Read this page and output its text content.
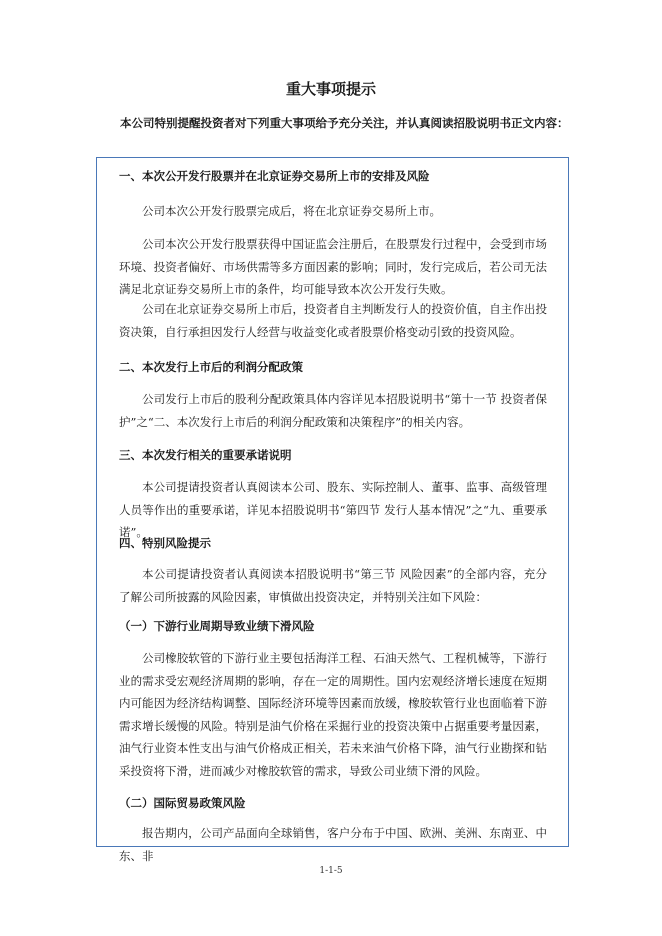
重大事项提示
本公司特别提醒投资者对下列重大事项给予充分关注，并认真阅读招股说明书正文内容：
一、本次公开发行股票并在北京证券交易所上市的安排及风险
公司本次公开发行股票完成后，将在北京证券交易所上市。
公司本次公开发行股票获得中国证监会注册后，在股票发行过程中，会受到市场环境、投资者偏好、市场供需等多方面因素的影响；同时，发行完成后，若公司无法满足北京证券交易所上市的条件，均可能导致本次公开发行失败。
公司在北京证券交易所上市后，投资者自主判断发行人的投资价值，自主作出投资决策，自行承担因发行人经营与收益变化或者股票价格变动引致的投资风险。
二、本次发行上市后的利润分配政策
公司发行上市后的股利分配政策具体内容详见本招股说明书“第十一节 投资者保护”之“二、本次发行上市后的利润分配政策和决策程序”的相关内容。
三、本次发行相关的重要承诺说明
本公司提请投资者认真阅读本公司、股东、实际控制人、董事、监事、高级管理人员等作出的重要承诺，详见本招股说明书“第四节 发行人基本情况”之“九、重要承诺”。
四、特别风险提示
本公司提请投资者认真阅读本招股说明书“第三节 风险因素”的全部内容，充分了解公司所披露的风险因素，审慎做出投资决定，并特别关注如下风险：
（一）下游行业周期导致业绩下滑风险
公司橡胶软管的下游行业主要包括海洋工程、石油天然气、工程机械等，下游行业的需求受宏观经济周期的影响，存在一定的周期性。国内宏观经济增长速度在短期内可能因为经济结构调整、国际经济环境等因素而放缓，橡胶软管行业也面临着下游需求增长缓慢的风险。特别是油气价格在采掘行业的投资决策中占据重要考量因素，油气行业资本性支出与油气价格成正相关，若未来油气价格下降，油气行业勘探和钻采投资将下滑，进而减少对橡胶软管的需求，导致公司业绩下滑的风险。
（二）国际贸易政策风险
报告期内，公司产品面向全球销售，客户分布于中国、欧洲、美洲、东南亚、中东、非
1-1-5
